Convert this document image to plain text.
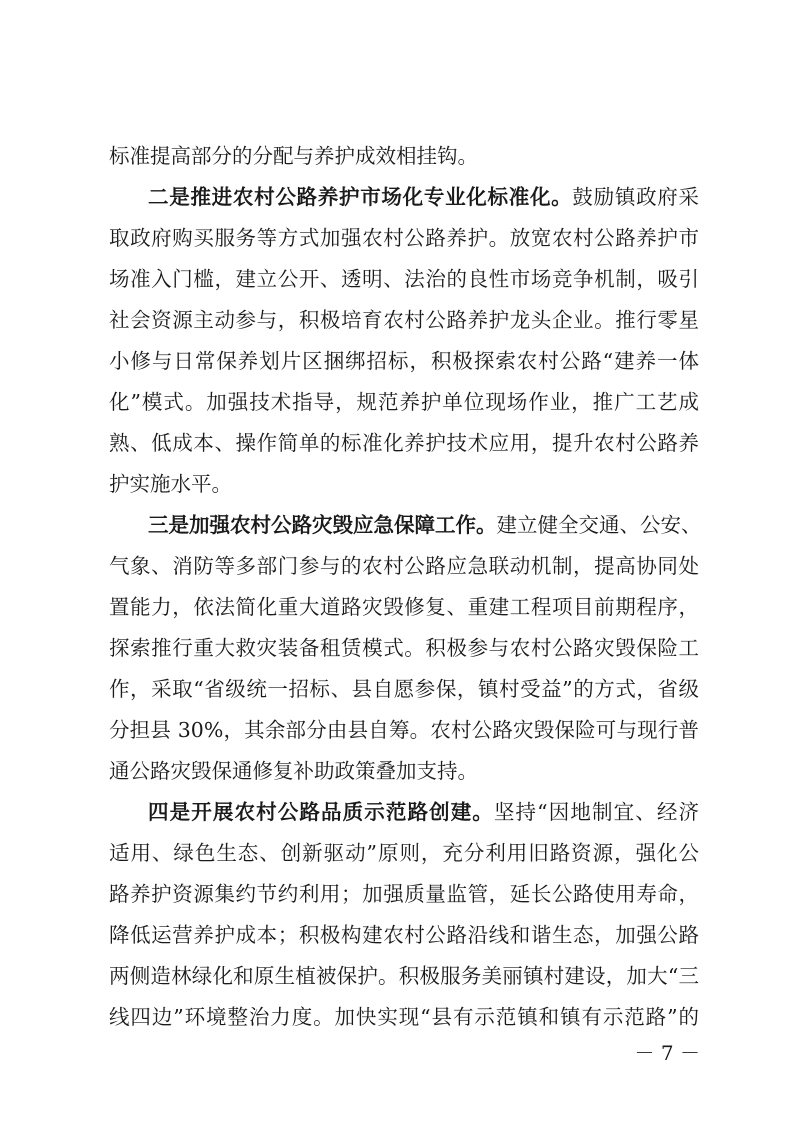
标准提高部分的分配与养护成效相挂钩。
二是推进农村公路养护市场化专业化标准化。鼓励镇政府采
取政府购买服务等方式加强农村公路养护。放宽农村公路养护市
场准入门槛，建立公开、透明、法治的良性市场竞争机制，吸引
社会资源主动参与，积极培育农村公路养护龙头企业。推行零星
小修与日常保养划片区捆绑招标，积极探索农村公路“建养一体
化”模式。加强技术指导，规范养护单位现场作业，推广工艺成
熟、低成本、操作简单的标准化养护技术应用，提升农村公路养
护实施水平。
三是加强农村公路灾毁应急保障工作。建立健全交通、公安、
气象、消防等多部门参与的农村公路应急联动机制，提高协同处
置能力，依法简化重大道路灾毁修复、重建工程项目前期程序，
探索推行重大救灾装备租赁模式。积极参与农村公路灾毁保险工
作，采取“省级统一招标、县自愿参保，镇村受益”的方式，省级
分担县 30%，其余部分由县自筹。农村公路灾毁保险可与现行普
通公路灾毁保通修复补助政策叠加支持。
四是开展农村公路品质示范路创建。坚持“因地制宜、经济
适用、绿色生态、创新驱动”原则，充分利用旧路资源，强化公
路养护资源集约节约利用；加强质量监管，延长公路使用寿命，
降低运营养护成本；积极构建农村公路沿线和谐生态，加强公路
两侧造林绿化和原生植被保护。积极服务美丽镇村建设，加大“三
线四边”环境整治力度。加快实现“县有示范镇和镇有示范路”的
－ 7 －
